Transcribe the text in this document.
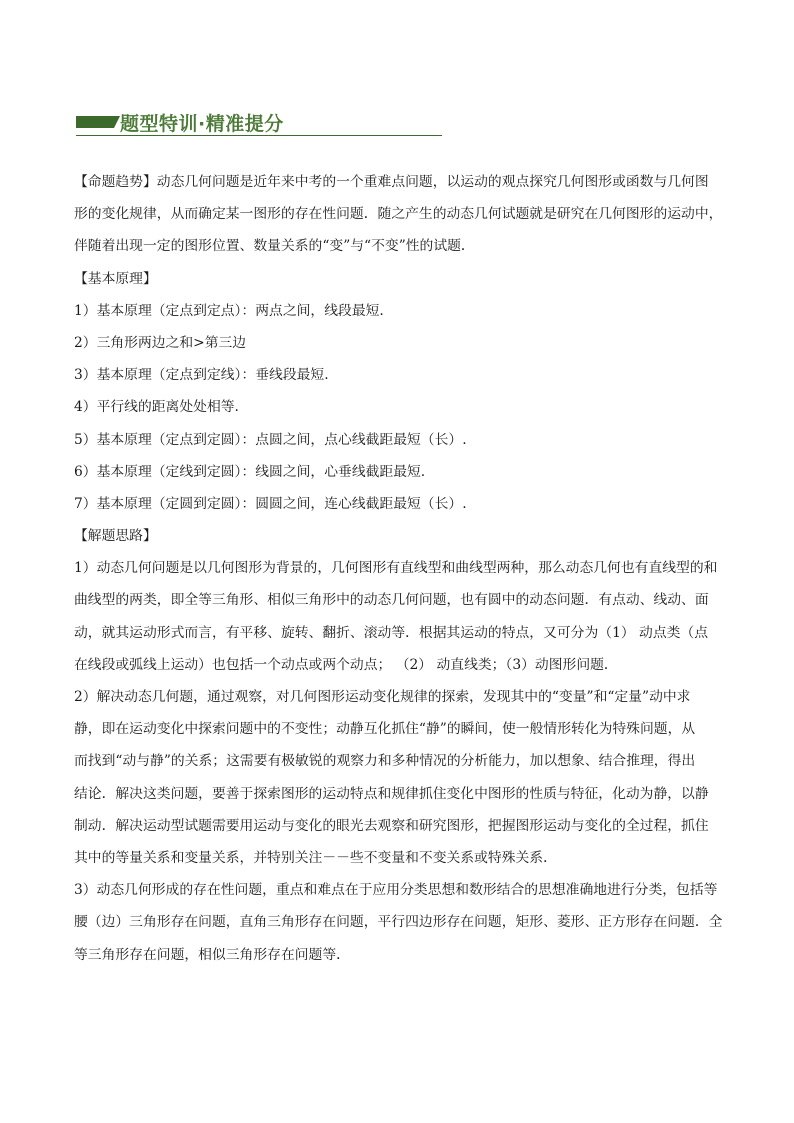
题型特训·精准提分

【命题趋势】动态几何问题是近年来中考的一个重难点问题，以运动的观点探究几何图形或函数与几何图

形的变化规律，从而确定某一图形的存在性问题．随之产生的动态几何试题就是研究在几何图形的运动中，

伴随着出现一定的图形位置、数量关系的“变”与“不变”性的试题．

【基本原理】

1）基本原理（定点到定点）：两点之间，线段最短.

2）三角形两边之和>第三边

3）基本原理（定点到定线）：垂线段最短.

4）平行线的距离处处相等.

5）基本原理（定点到定圆）：点圆之间，点心线截距最短（长）.

6）基本原理（定线到定圆）：线圆之间，心垂线截距最短.

7）基本原理（定圆到定圆）：圆圆之间，连心线截距最短（长）.

【解题思路】

1）动态几何问题是以几何图形为背景的，几何图形有直线型和曲线型两种，那么动态几何也有直线型的和

曲线型的两类，即全等三角形、相似三角形中的动态几何问题，也有圆中的动态问题．有点动、线动、面

动，就其运动形式而言，有平移、旋转、翻折、滚动等．根据其运动的特点，又可分为（1） 动点类（点

在线段或弧线上运动）也包括一个动点或两个动点； （2） 动直线类；（3）动图形问题．

2）解决动态几何题，通过观察，对几何图形运动变化规律的探索，发现其中的“变量”和“定量”动中求

静，即在运动变化中探索问题中的不变性；动静互化抓住“静”的瞬间，使一般情形转化为特殊问题，从

而找到“动与静”的关系；这需要有极敏锐的观察力和多种情况的分析能力，加以想象、结合推理，得出

结论．解决这类问题，要善于探索图形的运动特点和规律抓住变化中图形的性质与特征，化动为静，以静

制动．解决运动型试题需要用运动与变化的眼光去观察和研究图形，把握图形运动与变化的全过程，抓住

其中的等量关系和变量关系，并特别关注－－些不变量和不变关系或特殊关系．

3）动态几何形成的存在性问题，重点和难点在于应用分类思想和数形结合的思想准确地进行分类，包括等

腰（边）三角形存在问题，直角三角形存在问题，平行四边形存在问题，矩形、菱形、正方形存在问题．全

等三角形存在问题，相似三角形存在问题等．
